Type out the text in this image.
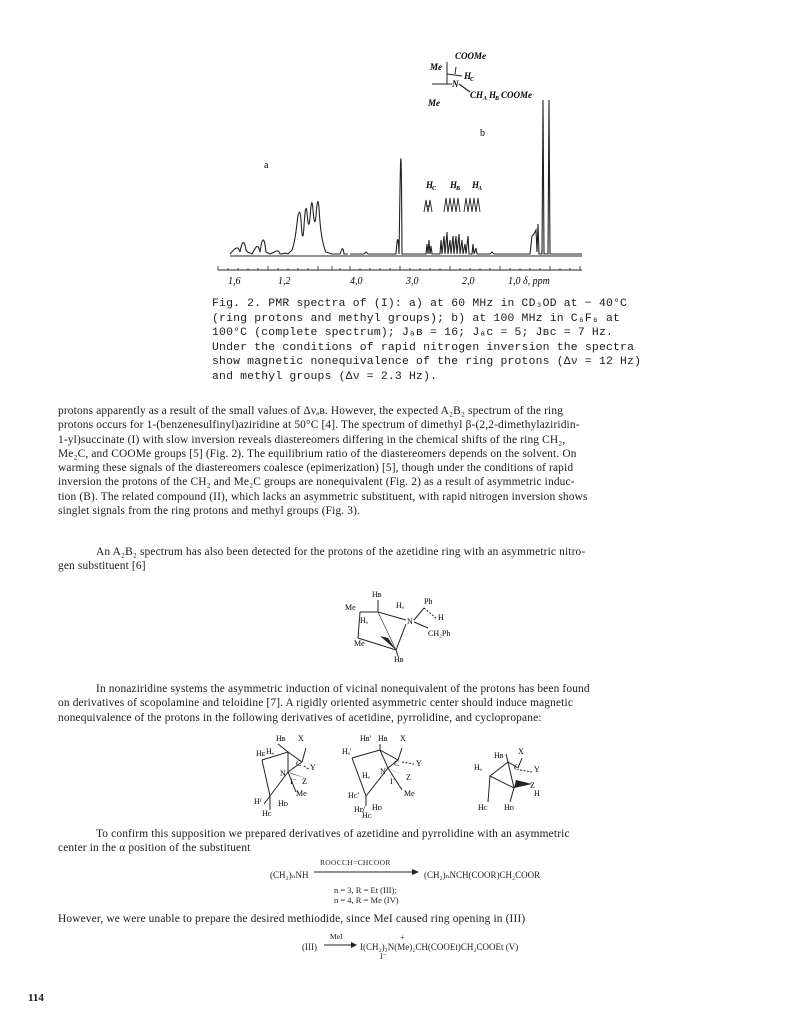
COOMe
Me
H
C
N
CH A H
B COOMe
Me
b
a
H
C H
B H
A
1,6	1,2	4,0	3,0	2,0	1,0 δ, ppm
Fig. 2. PMR spectra of (I): a) at 60 MHz in CD₃OD at − 40°C
(ring protons and methyl groups); b) at 100 MHz in C₆F₆ at
100°C (complete spectrum); Jₐʙ = 16; Jₐᴄ = 5; Jʙᴄ = 7 Hz.
Under the conditions of rapid nitrogen inversion the spectra
show magnetic nonequivalence of the ring protons (Δν = 12 Hz)
and methyl groups (Δν = 2.3 Hz).
protons apparently as a result of the small values of Δνₐʙ. However, the expected A₂B₂ spectrum of the ring
protons occurs for 1-(benzenesulfinyl)aziridine at 50°C [4]. The spectrum of dimethyl β-(2,2-dimethylaziridin-
1-yl)succinate (I) with slow inversion reveals diastereomers differing in the chemical shifts of the ring CH₂,
Me₂C, and COOMe groups [5] (Fig. 2). The equilibrium ratio of the diastereomers depends on the solvent. On
warming these signals of the diastereomers coalesce (epimerization) [5], though under the conditions of rapid
inversion the protons of the CH₂ and Me₂C groups are nonequivalent (Fig. 2) as a result of asymmetric induc-
tion (B). The related compound (II), which lacks an asymmetric substituent, with rapid nitrogen inversion shows
singlet signals from the ring protons and methyl groups (Fig. 3).
An A₂B₂ spectrum has also been detected for the protons of the azetidine ring with an asymmetric nitro-
gen substituent [6]
Hʙ
Me	Hₐ	Ph
Hₐ	N	H
CH₂Ph
Me
Hʙ
In nonaziridine systems the asymmetric induction of vicinal nonequivalent of the protons has been found
on derivatives of scopolamine and teloidine [7]. A rigidly oriented asymmetric center should induce magnetic
nonequivalence of the protons in the following derivatives of acetidine, pyrrolidine, and cyclopropane:
Hʙ X
Hᴇ Hₐ
C Y
N
Z
I⁻
Me
Hᶠ Hᴅ
Hᴄ
Hʙ' Hʙ X
Hₐ'
C Y
Hₐ N
I⁻ Z
Me
Hᴄ'
Hᴅ' Hᴅ
Hᴄ
Hʙ X
Hₐ	C Y
Z
H
Hᴄ Hᴅ
To confirm this supposition we prepared derivatives of azetidine and pyrrolidine with an asymmetric
center in the α position of the substituent
ROOCCH=CHCOOR
(CH₂)ₙNH	(CH₂)ₙNCH(COOR)CH₂COOR
n = 3, R = Et (III);
n = 4, R = Me (IV)
However, we were unable to prepare the desired methiodide, since MeI caused ring opening in (III)
MeI
(III)
+
I(CH₂)₃N(Me)₂CH(COOEt)CH₂COOEt (V)
I⁻
114
